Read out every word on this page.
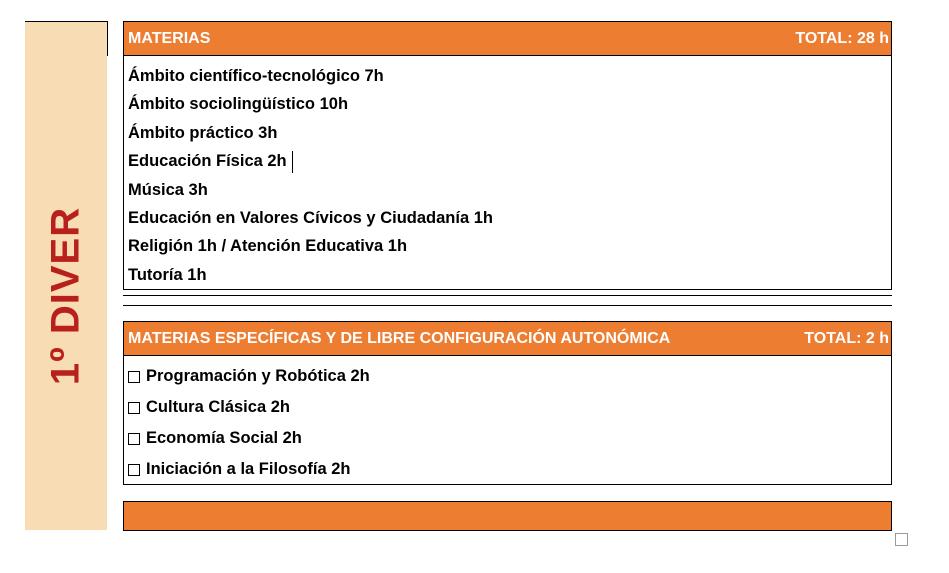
1º DIVER
MATERIAS	TOTAL: 28 h
Ámbito científico-tecnológico 7h
Ámbito sociolingüístico 10h
Ámbito práctico 3h
Educación Física 2h
Música 3h
Educación en Valores Cívicos y Ciudadanía 1h
Religión 1h / Atención Educativa 1h
Tutoría 1h
MATERIAS ESPECÍFICAS Y DE LIBRE CONFIGURACIÓN AUTONÓMICA	TOTAL: 2 h
Programación y Robótica 2h
Cultura Clásica 2h
Economía Social 2h
Iniciación a la Filosofía 2h
